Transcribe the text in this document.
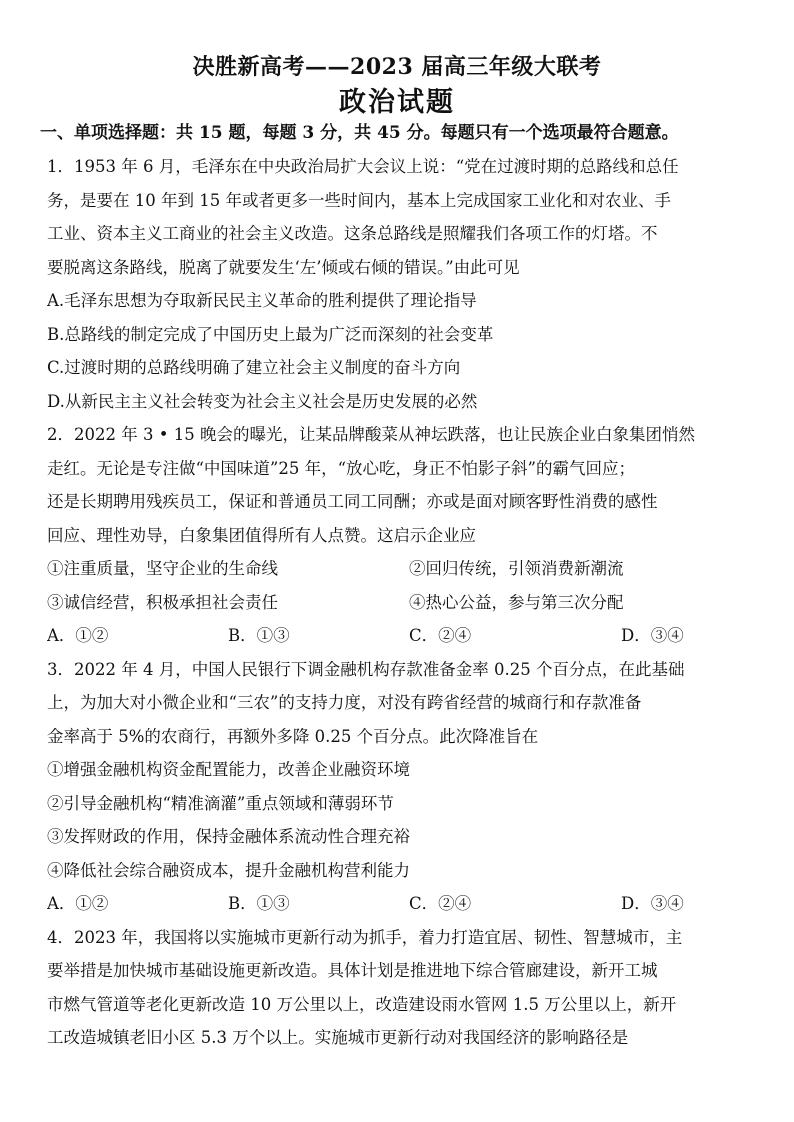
决胜新高考——2023 届高三年级大联考
政治试题
一、单项选择题：共 15 题，每题 3 分，共 45 分。每题只有一个选项最符合题意。
1．1953 年 6 月，毛泽东在中央政治局扩大会议上说：“党在过渡时期的总路线和总任
务，是要在 10 年到 15 年或者更多一些时间内，基本上完成国家工业化和对农业、手
工业、资本主义工商业的社会主义改造。这条总路线是照耀我们各项工作的灯塔。不
要脱离这条路线，脱离了就要发生‘左’倾或右倾的错误。”由此可见
A.毛泽东思想为夺取新民民主义革命的胜利提供了理论指导
B.总路线的制定完成了中国历史上最为广泛而深刻的社会变革
C.过渡时期的总路线明确了建立社会主义制度的奋斗方向
D.从新民主主义社会转变为社会主义社会是历史发展的必然
2．2022 年 3 • 15 晚会的曝光，让某品牌酸菜从神坛跌落，也让民族企业白象集团悄然
走红。无论是专注做“中国味道”25 年，“放心吃，身正不怕影子斜”的霸气回应；
还是长期聘用残疾员工，保证和普通员工同工同酬；亦或是面对顾客野性消费的感性
回应、理性劝导，白象集团值得所有人点赞。这启示企业应
①注重质量，坚守企业的生命线	②回归传统，引领消费新潮流
③诚信经营，积极承担社会责任	④热心公益，参与第三次分配
A．①②	B．①③	C．②④	D．③④
3．2022 年 4 月，中国人民银行下调金融机构存款准备金率 0.25 个百分点，在此基础
上，为加大对小微企业和“三农”的支持力度，对没有跨省经营的城商行和存款准备
金率高于 5%的农商行，再额外多降 0.25 个百分点。此次降准旨在
①增强金融机构资金配置能力，改善企业融资环境
②引导金融机构“精准滴灌”重点领域和薄弱环节
③发挥财政的作用，保持金融体系流动性合理充裕
④降低社会综合融资成本，提升金融机构营利能力
A．①②	B．①③	C．②④	D．③④
4．2023 年，我国将以实施城市更新行动为抓手，着力打造宜居、韧性、智慧城市，主
要举措是加快城市基础设施更新改造。具体计划是推进地下综合管廊建设，新开工城
市燃气管道等老化更新改造 10 万公里以上，改造建设雨水管网 1.5 万公里以上，新开
工改造城镇老旧小区 5.3 万个以上。实施城市更新行动对我国经济的影响路径是
